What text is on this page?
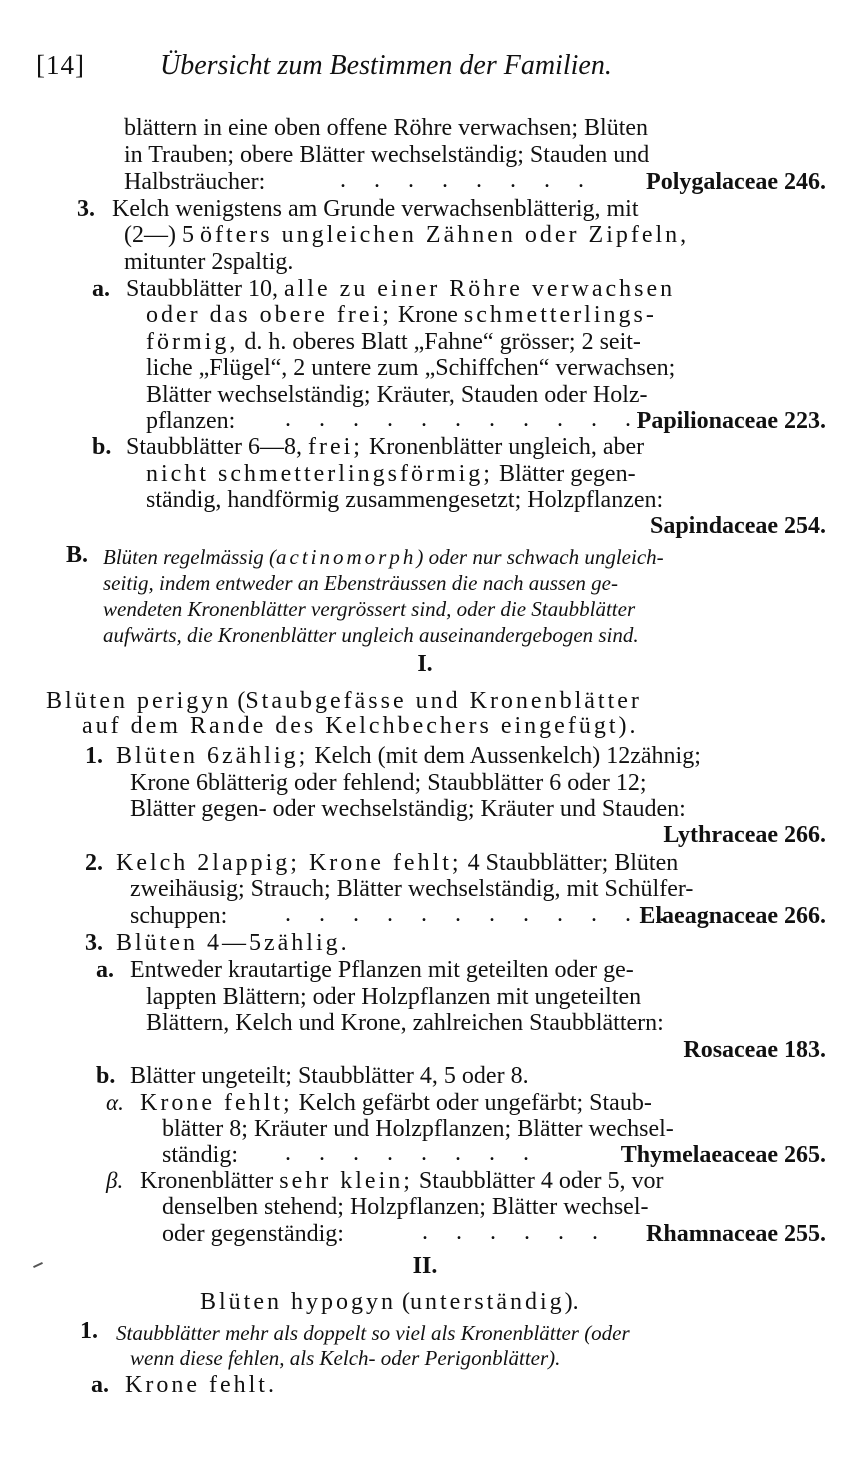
[14]	Übersicht zum Bestimmen der Familien.
blättern in eine oben offene Röhre verwachsen; Blüten
in Trauben; obere Blätter wechselständig; Stauden und
Halbsträucher:	. . . . . . . . Polygalaceae 246.
3. Kelch wenigstens am Grunde verwachsenblätterig, mit
(2—) 5 öfters ungleichen Zähnen oder Zipfeln,
mitunter 2spaltig.
a. Staubblätter 10, alle zu einer Röhre verwachsen
oder das obere frei; Krone schmetterlings-
förmig, d. h. oberes Blatt „Fahne“ grösser; 2 seit-
liche „Flügel“, 2 untere zum „Schiffchen“ verwachsen;
Blätter wechselständig; Kräuter, Stauden oder Holz-
pflanzen: . . . . . . . . . . .
Papilionaceae 223.
b. Staubblätter 6—8, frei; Kronenblätter ungleich, aber
nicht schmetterlingsförmig; Blätter gegen-
ständig, handförmig zusammengesetzt; Holzpflanzen:
Sapindaceae 254.
B. Blüten regelmässig (actinomorph) oder nur schwach ungleich-
seitig, indem entweder an Ebensträussen die nach aussen ge-
wendeten Kronenblätter vergrössert sind, oder die Staubblätter
aufwärts, die Kronenblätter ungleich auseinandergebogen sind.
I.
Blüten perigyn (Staubgefässe und Kronenblätter
auf dem Rande des Kelchbechers eingefügt).
1. Blüten 6zählig; Kelch (mit dem Aussenkelch) 12zähnig;
Krone 6blätterig oder fehlend; Staubblätter 6 oder 12;
Blätter gegen- oder wechselständig; Kräuter und Stauden:
Lythraceae 266.
2. Kelch 2lappig; Krone fehlt; 4 Staubblätter; Blüten
zweihäusig; Strauch; Blätter wechselständig, mit Schülfer-
schuppen: . . . . . . . . . . . .
Elaeagnaceae 266.
3. Blüten 4—5zählig.
a. Entweder krautartige Pflanzen mit geteilten oder ge-
lappten Blättern; oder Holzpflanzen mit ungeteilten
Blättern, Kelch und Krone, zahlreichen Staubblättern:
Rosaceae 183.
b. Blätter ungeteilt; Staubblätter 4, 5 oder 8.
α. Krone fehlt; Kelch gefärbt oder ungefärbt; Staub-
blätter 8; Kräuter und Holzpflanzen; Blätter wechsel-
ständig: . . . . . . . .	Thymelaeaceae 265.
β. Kronenblätter sehr klein; Staubblätter 4 oder 5, vor
denselben stehend; Holzpflanzen; Blätter wechsel-
oder gegenständig:	. . . . . . Rhamnaceae 255.
II.
Blüten hypogyn (unterständig).
1. Staubblätter mehr als doppelt so viel als Kronenblätter (oder
wenn diese fehlen, als Kelch- oder Perigonblätter).
a. Krone fehlt.
